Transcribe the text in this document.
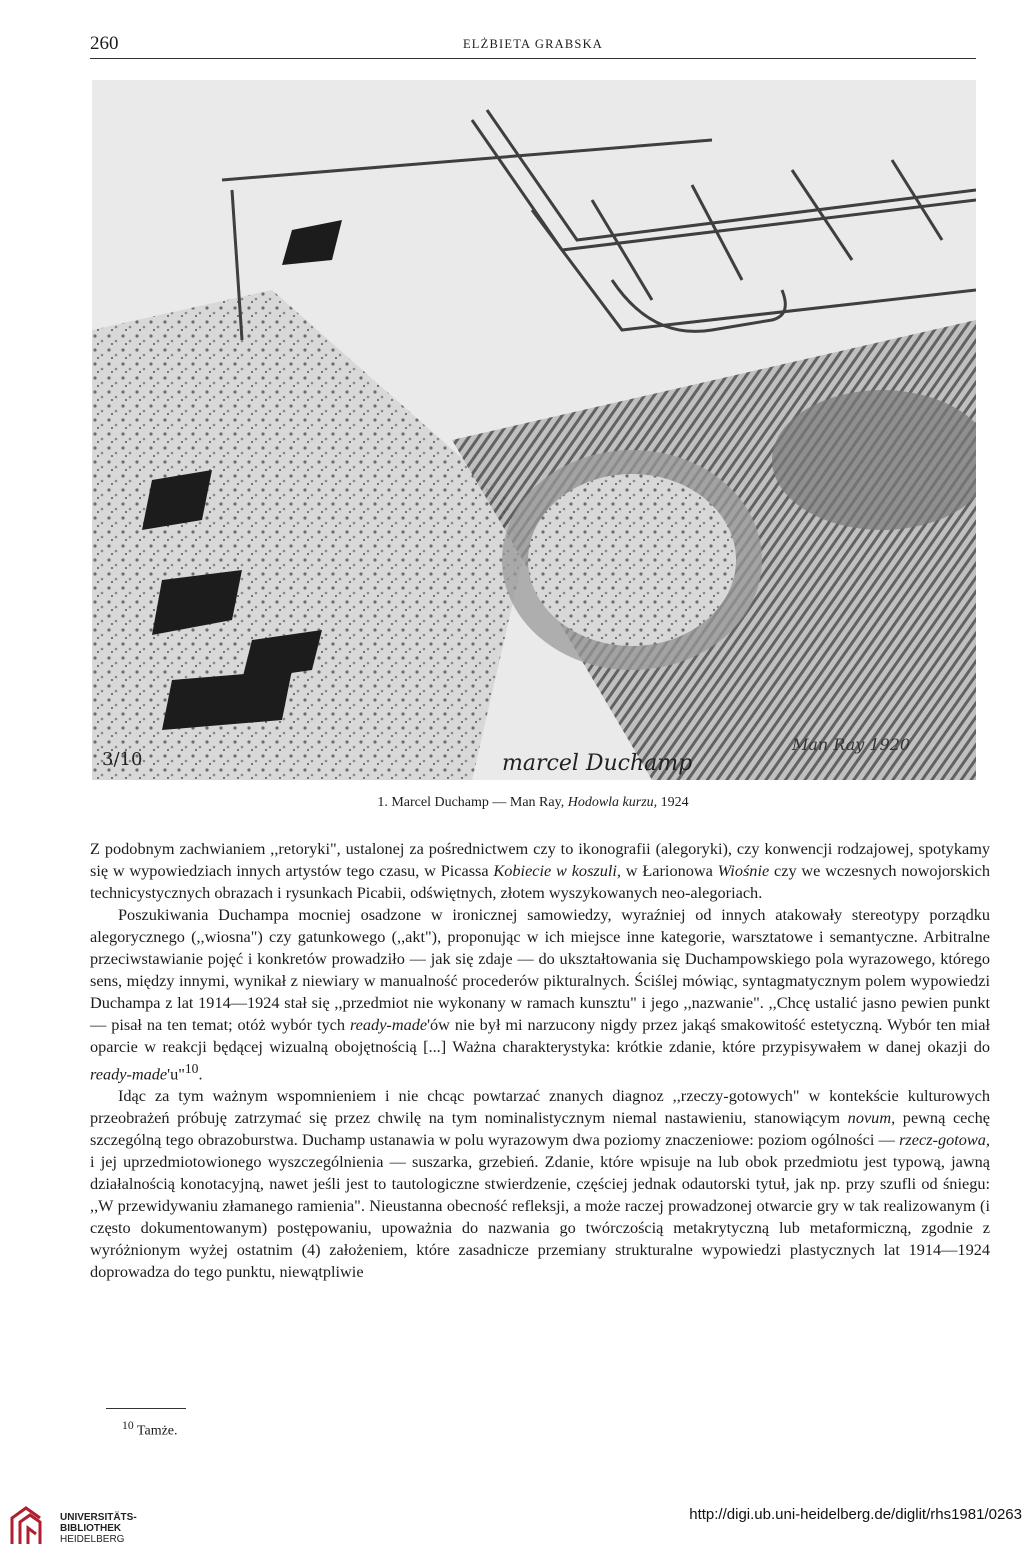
260	ELŻBIETA GRABSKA
3/10	marcel Duchamp
Man Ray 1920
1. Marcel Duchamp — Man Ray, Hodowla kurzu, 1924

Z podobnym zachwianiem ,,retoryki", ustalonej za pośrednictwem czy to ikonografii (alegoryki), czy konwencji rodzajowej, spotykamy się w wypowiedziach innych artystów tego czasu, w Picassa Kobiecie w koszuli, w Łarionowa Wiośnie czy we wczesnych nowojorskich technicystycznych obrazach i rysunkach Picabii, odświętnych, złotem wyszykowanych neo-alegoriach.

Poszukiwania Duchampa mocniej osadzone w ironicznej samowiedzy, wyraźniej od innych atakowały stereotypy porządku alegorycznego (,,wiosna") czy gatunkowego (,,akt"), proponując w ich miejsce inne kategorie, warsztatowe i semantyczne. Arbitralne przeciwstawianie pojęć i konkretów prowadziło — jak się zdaje — do ukształtowania się Duchampowskiego pola wyrazowego, którego sens, między innymi, wynikał z niewiary w manualność procederów pikturalnych. Ściślej mówiąc, syntagmatycznym polem wypowiedzi Duchampa z lat 1914—1924 stał się ,,przedmiot nie wykonany w ramach kunsztu" i jego ,,nazwanie". ,,Chcę ustalić jasno pewien punkt — pisał na ten temat; otóż wybór tych ready-made'ów nie był mi narzucony nigdy przez jakąś smakowitość estetyczną. Wybór ten miał oparcie w reakcji będącej wizualną obojętnością [...] Ważna charakterystyka: krótkie zdanie, które przypisywałem w danej okazji do ready-made'u"$^{10}$.

Idąc za tym ważnym wspomnieniem i nie chcąc powtarzać znanych diagnoz ,,rzeczy-gotowych" w kontekście kulturowych przeobrażeń próbuję zatrzymać się przez chwilę na tym nominalistycznym niemal nastawieniu, stanowiącym novum, pewną cechę szczególną tego obrazoburstwa. Duchamp ustanawia w polu wyrazowym dwa poziomy znaczeniowe: poziom ogólności — rzecz-gotowa, i jej uprzedmiotowionego wyszczególnienia — suszarka, grzebień. Zdanie, które wpisuje na lub obok przedmiotu jest typową, jawną działalnością konotacyjną, nawet jeśli jest to tautologiczne stwierdzenie, częściej jednak odautorski tytuł, jak np. przy szufli od śniegu: ,,W przewidywaniu złamanego ramienia". Nieustanna obecność refleksji, a może raczej prowadzonej otwarcie gry w tak realizowanym (i często dokumentowanym) postępowaniu, upoważnia do nazwania go twórczością metakrytyczną lub metaformiczną, zgodnie z wyróżnionym wyżej ostatnim (4) założeniem, które zasadnicze przemiany strukturalne wypowiedzi plastycznych lat 1914—1924 doprowadza do tego punktu, niewątpliwie

$^{10}$ Tamże.
UNIVERSITÄTS-
BIBLIOTHEK
HEIDELBERG
http://digi.ub.uni-heidelberg.de/diglit/rhs1981/0263
